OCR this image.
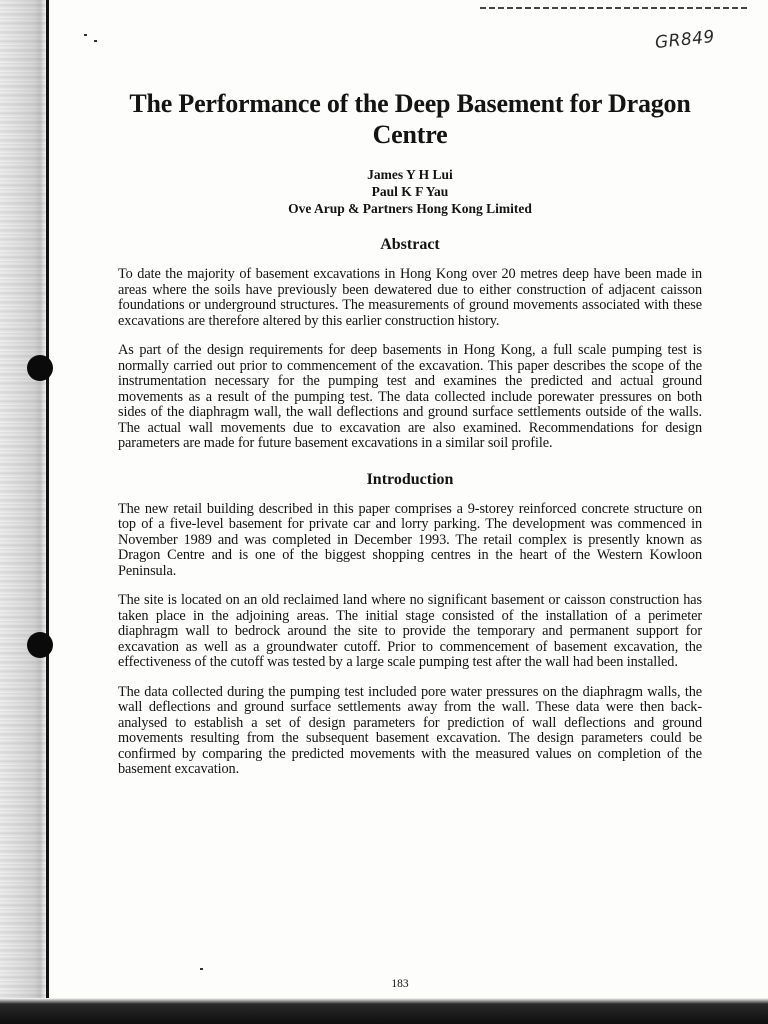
GR849
The Performance of the Deep Basement for Dragon Centre
James Y H Lui
Paul K F Yau
Ove Arup & Partners Hong Kong Limited
Abstract

To date the majority of basement excavations in Hong Kong over 20 metres deep have been made in areas where the soils have previously been dewatered due to either construction of adjacent caisson foundations or underground structures. The measurements of ground movements associated with these excavations are therefore altered by this earlier construction history.

As part of the design requirements for deep basements in Hong Kong, a full scale pumping test is normally carried out prior to commencement of the excavation. This paper describes the scope of the instrumentation necessary for the pumping test and examines the predicted and actual ground movements as a result of the pumping test. The data collected include porewater pressures on both sides of the diaphragm wall, the wall deflections and ground surface settlements outside of the walls. The actual wall movements due to excavation are also examined. Recommendations for design parameters are made for future basement excavations in a similar soil profile.

Introduction

The new retail building described in this paper comprises a 9-storey reinforced concrete structure on top of a five-level basement for private car and lorry parking. The development was commenced in November 1989 and was completed in December 1993. The retail complex is presently known as Dragon Centre and is one of the biggest shopping centres in the heart of the Western Kowloon Peninsula.

The site is located on an old reclaimed land where no significant basement or caisson construction has taken place in the adjoining areas. The initial stage consisted of the installation of a perimeter diaphragm wall to bedrock around the site to provide the temporary and permanent support for excavation as well as a groundwater cutoff. Prior to commencement of basement excavation, the effectiveness of the cutoff was tested by a large scale pumping test after the wall had been installed.

The data collected during the pumping test included pore water pressures on the diaphragm walls, the wall deflections and ground surface settlements away from the wall. These data were then back-analysed to establish a set of design parameters for prediction of wall deflections and ground movements resulting from the subsequent basement excavation. The design parameters could be confirmed by comparing the predicted movements with the measured values on completion of the basement excavation.

183
